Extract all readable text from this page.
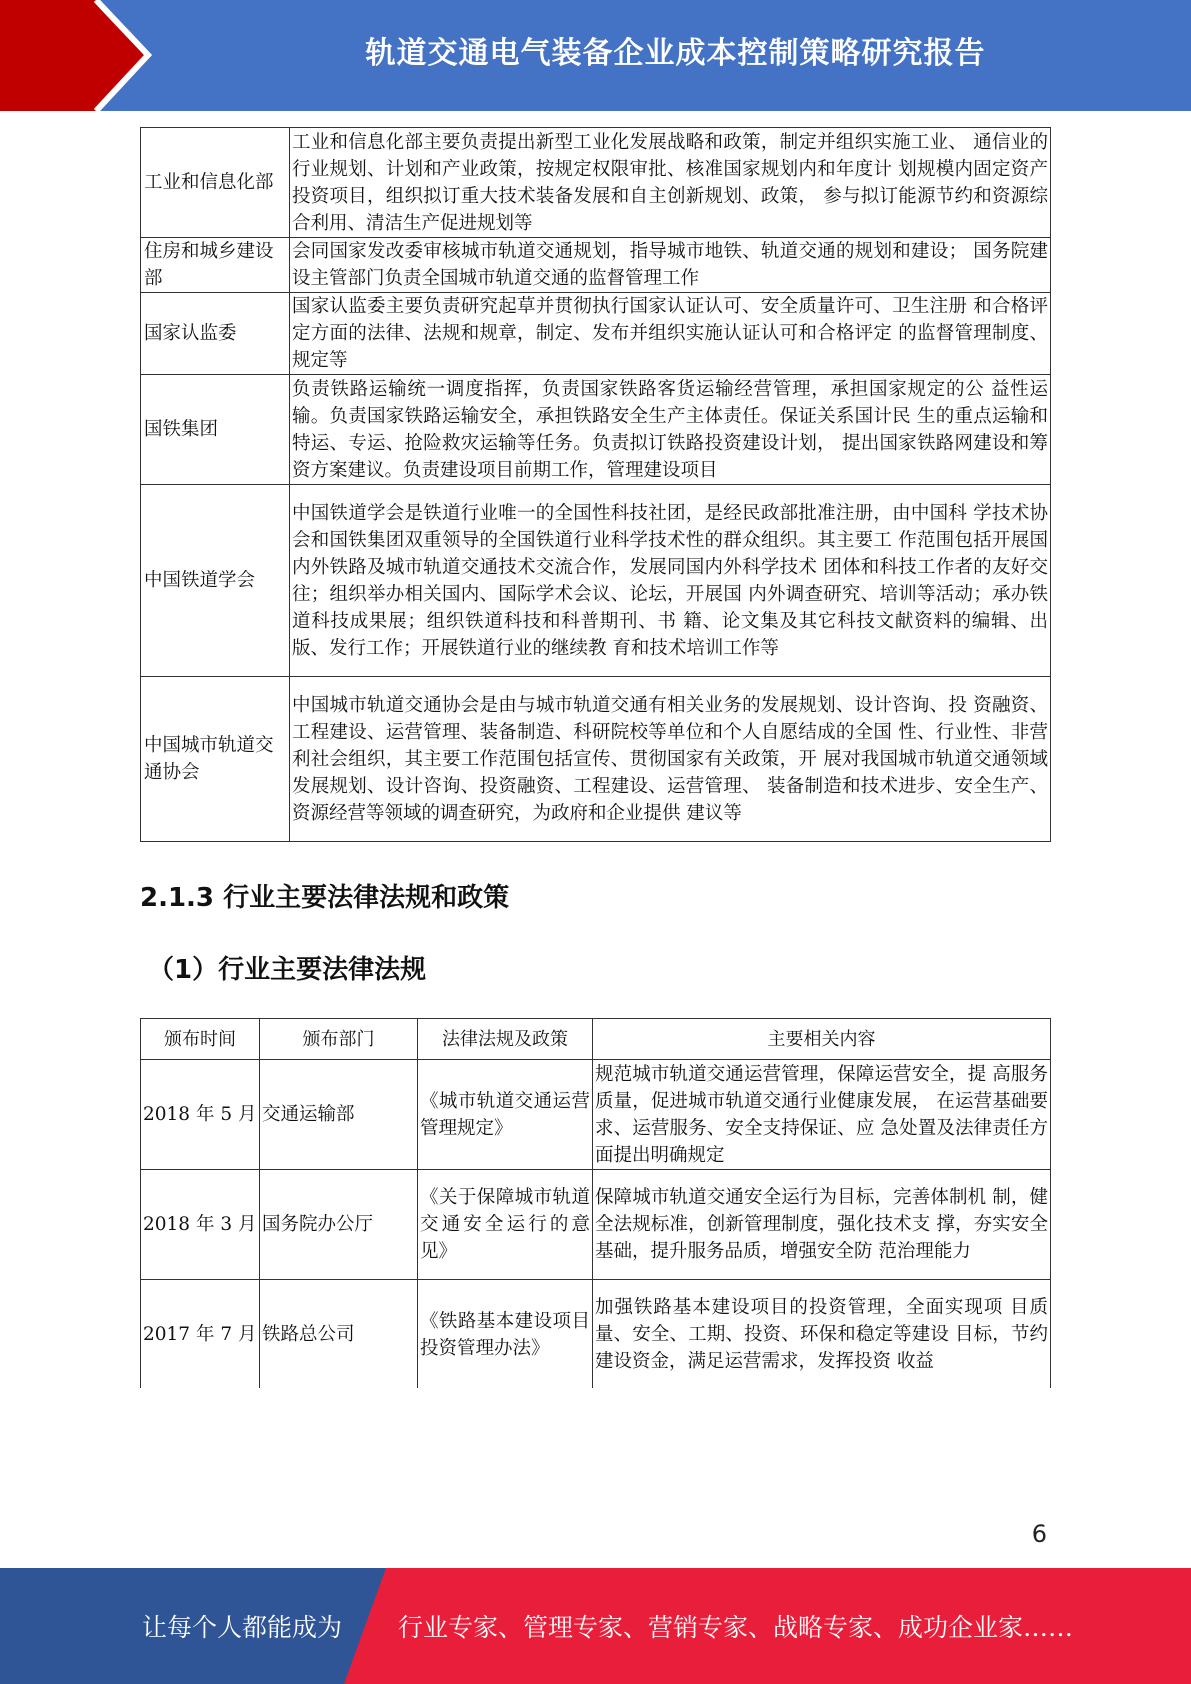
轨道交通电气装备企业成本控制策略研究报告
工业和信息化部	工业和信息化部主要负责提出新型工业化发展战略和政策，制定并组织实施工业、 通信业的行业规划、计划和产业政策，按规定权限审批、核准国家规划内和年度计 划规模内固定资产投资项目，组织拟订重大技术装备发展和自主创新规划、政策， 参与拟订能源节约和资源综合利用、清洁生产促进规划等
住房和城乡建设部	会同国家发改委审核城市轨道交通规划，指导城市地铁、轨道交通的规划和建设； 国务院建设主管部门负责全国城市轨道交通的监督管理工作
国家认监委	国家认监委主要负责研究起草并贯彻执行国家认证认可、安全质量许可、卫生注册 和合格评定方面的法律、法规和规章，制定、发布并组织实施认证认可和合格评定 的监督管理制度、规定等
国铁集团	负责铁路运输统一调度指挥，负责国家铁路客货运输经营管理，承担国家规定的公 益性运输。负责国家铁路运输安全，承担铁路安全生产主体责任。保证关系国计民 生的重点运输和特运、专运、抢险救灾运输等任务。负责拟订铁路投资建设计划， 提出国家铁路网建设和筹资方案建议。负责建设项目前期工作，管理建设项目
中国铁道学会	中国铁道学会是铁道行业唯一的全国性科技社团，是经民政部批准注册，由中国科 学技术协会和国铁集团双重领导的全国铁道行业科学技术性的群众组织。其主要工 作范围包括开展国内外铁路及城市轨道交通技术交流合作，发展同国内外科学技术 团体和科技工作者的友好交往；组织举办相关国内、国际学术会议、论坛，开展国 内外调查研究、培训等活动；承办铁道科技成果展；组织铁道科技和科普期刊、书 籍、论文集及其它科技文献资料的编辑、出版、发行工作；开展铁道行业的继续教 育和技术培训工作等
中国城市轨道交通协会	中国城市轨道交通协会是由与城市轨道交通有相关业务的发展规划、设计咨询、投 资融资、工程建设、运营管理、装备制造、科研院校等单位和个人自愿结成的全国 性、行业性、非营利社会组织，其主要工作范围包括宣传、贯彻国家有关政策，开 展对我国城市轨道交通领域发展规划、设计咨询、投资融资、工程建设、运营管理、 装备制造和技术进步、安全生产、资源经营等领域的调查研究，为政府和企业提供 建议等
2.1.3 行业主要法律法规和政策
（1）行业主要法律法规
颁布时间	颁布部门	法律法规及政策	主要相关内容
2018 年 5 月	交通运输部	《城市轨道交通运营管理规定》	规范城市轨道交通运营管理，保障运营安全，提 高服务质量，促进城市轨道交通行业健康发展， 在运营基础要求、运营服务、安全支持保证、应 急处置及法律责任方面提出明确规定
2018 年 3 月	国务院办公厅	《关于保障城市轨道交通安全运行的意见》	保障城市轨道交通安全运行为目标，完善体制机 制，健全法规标准，创新管理制度，强化技术支 撑，夯实安全基础，提升服务品质，增强安全防 范治理能力
2017 年 7 月	铁路总公司	《铁路基本建设项目投资管理办法》	加强铁路基本建设项目的投资管理，全面实现项 目质量、安全、工期、投资、环保和稳定等建设 目标，节约建设资金，满足运营需求，发挥投资 收益
6
让每个人都能成为 行业专家、管理专家、营销专家、战略专家、成功企业家……
